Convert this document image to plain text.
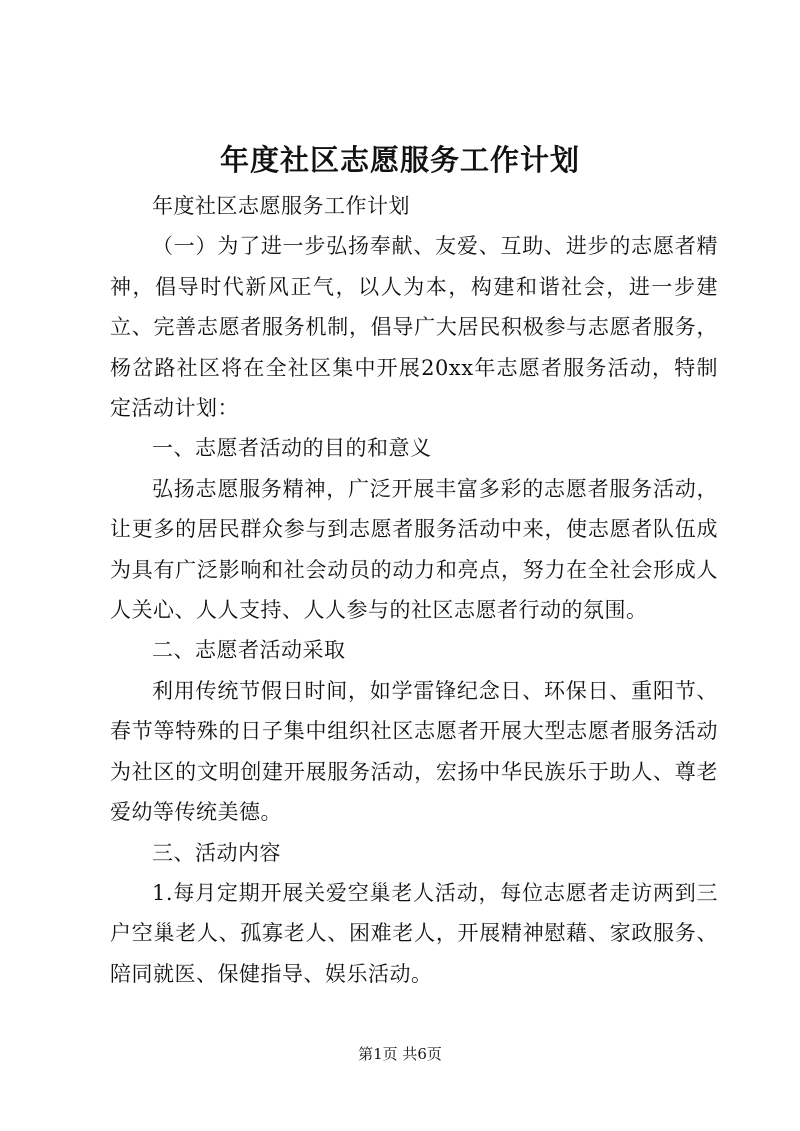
年度社区志愿服务工作计划

年度社区志愿服务工作计划

（一）为了进一步弘扬奉献、友爱、互助、进步的志愿者精神，倡导时代新风正气，以人为本，构建和谐社会，进一步建立、完善志愿者服务机制，倡导广大居民积极参与志愿者服务，杨岔路社区将在全社区集中开展20xx年志愿者服务活动，特制定活动计划：

一、志愿者活动的目的和意义

弘扬志愿服务精神，广泛开展丰富多彩的志愿者服务活动，让更多的居民群众参与到志愿者服务活动中来，使志愿者队伍成为具有广泛影响和社会动员的动力和亮点，努力在全社会形成人人关心、人人支持、人人参与的社区志愿者行动的氛围。

二、志愿者活动采取

利用传统节假日时间，如学雷锋纪念日、环保日、重阳节、春节等特殊的日子集中组织社区志愿者开展大型志愿者服务活动为社区的文明创建开展服务活动，宏扬中华民族乐于助人、尊老爱幼等传统美德。

三、活动内容

1.每月定期开展关爱空巢老人活动，每位志愿者走访两到三户空巢老人、孤寡老人、困难老人，开展精神慰藉、家政服务、陪同就医、保健指导、娱乐活动。

第1页 共6页
